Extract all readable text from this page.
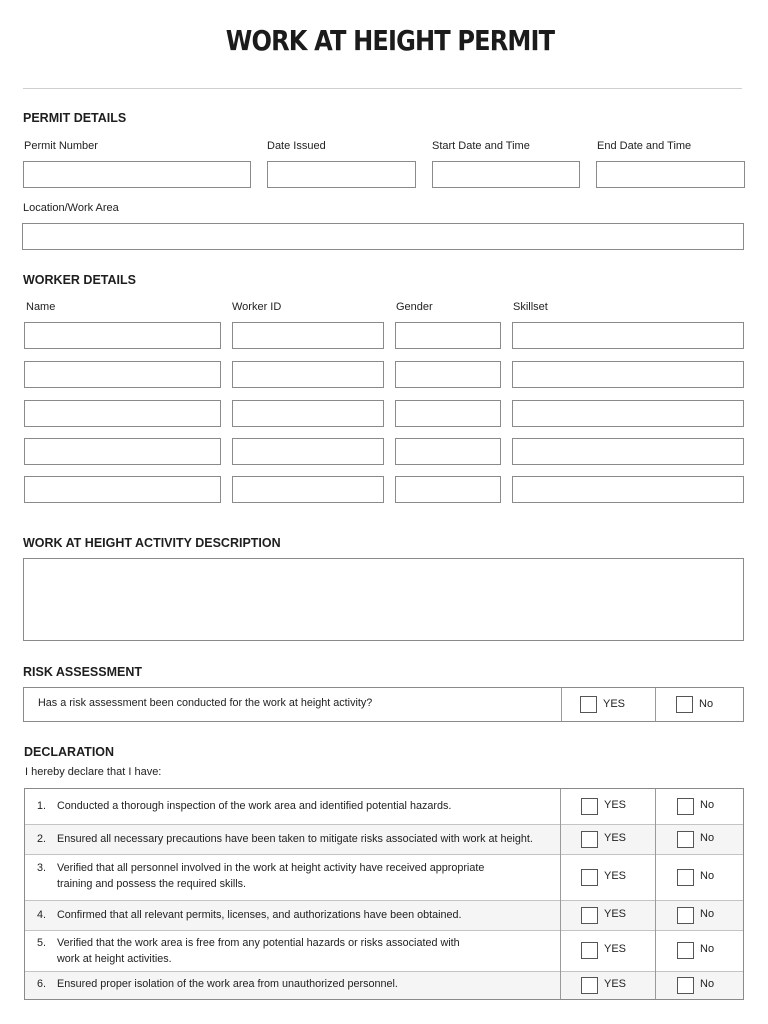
WORK AT HEIGHT PERMIT
PERMIT DETAILS
Permit Number	Date Issued	Start Date and Time	End Date and Time
Location/Work Area
WORKER DETAILS
Name	Worker ID	Gender	Skillset
WORK AT HEIGHT ACTIVITY DESCRIPTION
RISK ASSESSMENT
Has a risk assessment been conducted for the work at height activity?	YES	No
DECLARATION
I hereby declare that I have:
1. Conducted a thorough inspection of the work area and identified potential hazards.	YES	No
2. Ensured all necessary precautions have been taken to mitigate risks associated with work at height.	YES	No
3. Verified that all personnel involved in the work at height activity have received appropriate
training and possess the required skills.
YES	No
4. Confirmed that all relevant permits, licenses, and authorizations have been obtained.	YES	No
5. Verified that the work area is free from any potential hazards or risks associated with
work at height activities.
YES	No
6. Ensured proper isolation of the work area from unauthorized personnel.	YES	No
